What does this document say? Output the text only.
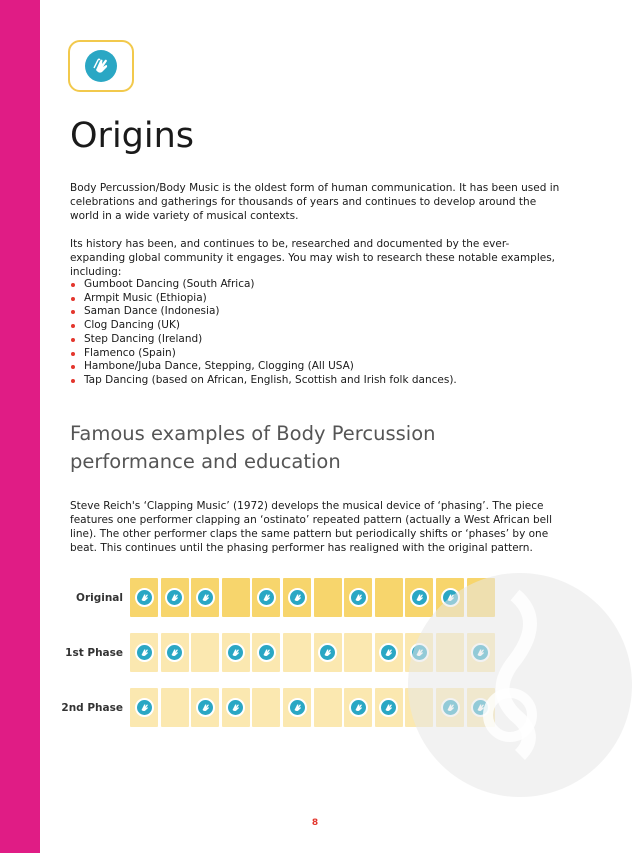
Origins

Body Percussion/Body Music is the oldest form of human communication. It has been used in celebrations and gatherings for thousands of years and continues to develop around the world in a wide variety of musical contexts.

Its history has been, and continues to be, researched and documented by the ever-expanding global community it engages. You may wish to research these notable examples, including:

Gumboot Dancing (South Africa)
Armpit Music (Ethiopia)
Saman Dance (Indonesia)
Clog Dancing (UK)
Step Dancing (Ireland)
Flamenco (Spain)
Hambone/Juba Dance, Stepping, Clogging (All USA)
Tap Dancing (based on African, English, Scottish and Irish folk dances).
Famous examples of Body Percussion performance and education

Steve Reich's ‘Clapping Music’ (1972) develops the musical device of ‘phasing’. The piece features one performer clapping an ‘ostinato’ repeated pattern (actually a West African bell line). The other performer claps the same pattern but periodically shifts or ‘phases’ by one beat. This continues until the phasing performer has realigned with the original pattern.

Original
1st Phase
2nd Phase
8
